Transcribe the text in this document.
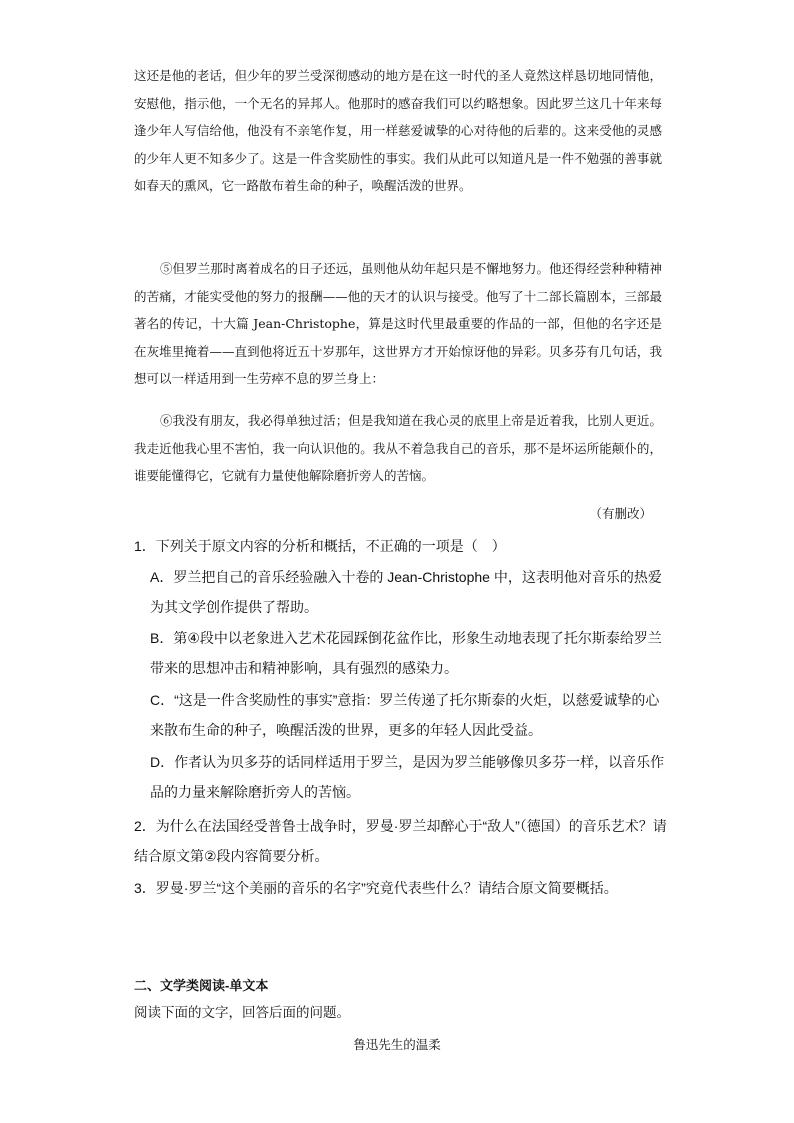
这还是他的老话，但少年的罗兰受深彻感动的地方是在这一时代的圣人竟然这样恳切地同情他，安慰他，指示他，一个无名的异邦人。他那时的感奋我们可以约略想象。因此罗兰这几十年来每逢少年人写信给他，他没有不亲笔作复，用一样慈爱诚挚的心对待他的后辈的。这来受他的灵感的少年人更不知多少了。这是一件含奖励性的事实。我们从此可以知道凡是一件不勉强的善事就如春天的熏风，它一路散布着生命的种子，唤醒活泼的世界。

⑤但罗兰那时离着成名的日子还远，虽则他从幼年起只是不懈地努力。他还得经尝种种精神的苦痛，才能实受他的努力的报酬——他的天才的认识与接受。他写了十二部长篇剧本，三部最著名的传记，十大篇 Jean-Christophe，算是这时代里最重要的作品的一部，但他的名字还是在灰堆里掩着——直到他将近五十岁那年，这世界方才开始惊讶他的异彩。贝多芬有几句话，我想可以一样适用到一生劳瘁不息的罗兰身上：

⑥我没有朋友，我必得单独过活；但是我知道在我心灵的底里上帝是近着我，比别人更近。我走近他我心里不害怕，我一向认识他的。我从不着急我自己的音乐，那不是坏运所能颠仆的，谁要能懂得它，它就有力量使他解除磨折旁人的苦恼。

（有删改）

1．下列关于原文内容的分析和概括，不正确的一项是（　）

A．罗兰把自己的音乐经验融入十卷的 Jean-Christophe 中，这表明他对音乐的热爱为其文学创作提供了帮助。

B．第④段中以老象进入艺术花园踩倒花盆作比，形象生动地表现了托尔斯泰给罗兰带来的思想冲击和精神影响，具有强烈的感染力。

C．“这是一件含奖励性的事实”意指：罗兰传递了托尔斯泰的火炬，以慈爱诚挚的心来散布生命的种子，唤醒活泼的世界，更多的年轻人因此受益。

D．作者认为贝多芬的话同样适用于罗兰，是因为罗兰能够像贝多芬一样，以音乐作品的力量来解除磨折旁人的苦恼。

2．为什么在法国经受普鲁士战争时，罗曼·罗兰却醉心于“敌人”（德国）的音乐艺术？请结合原文第②段内容简要分析。

3．罗曼·罗兰“这个美丽的音乐的名字”究竟代表些什么？请结合原文简要概括。

二、文学类阅读-单文本
阅读下面的文字，回答后面的问题。
鲁迅先生的温柔
